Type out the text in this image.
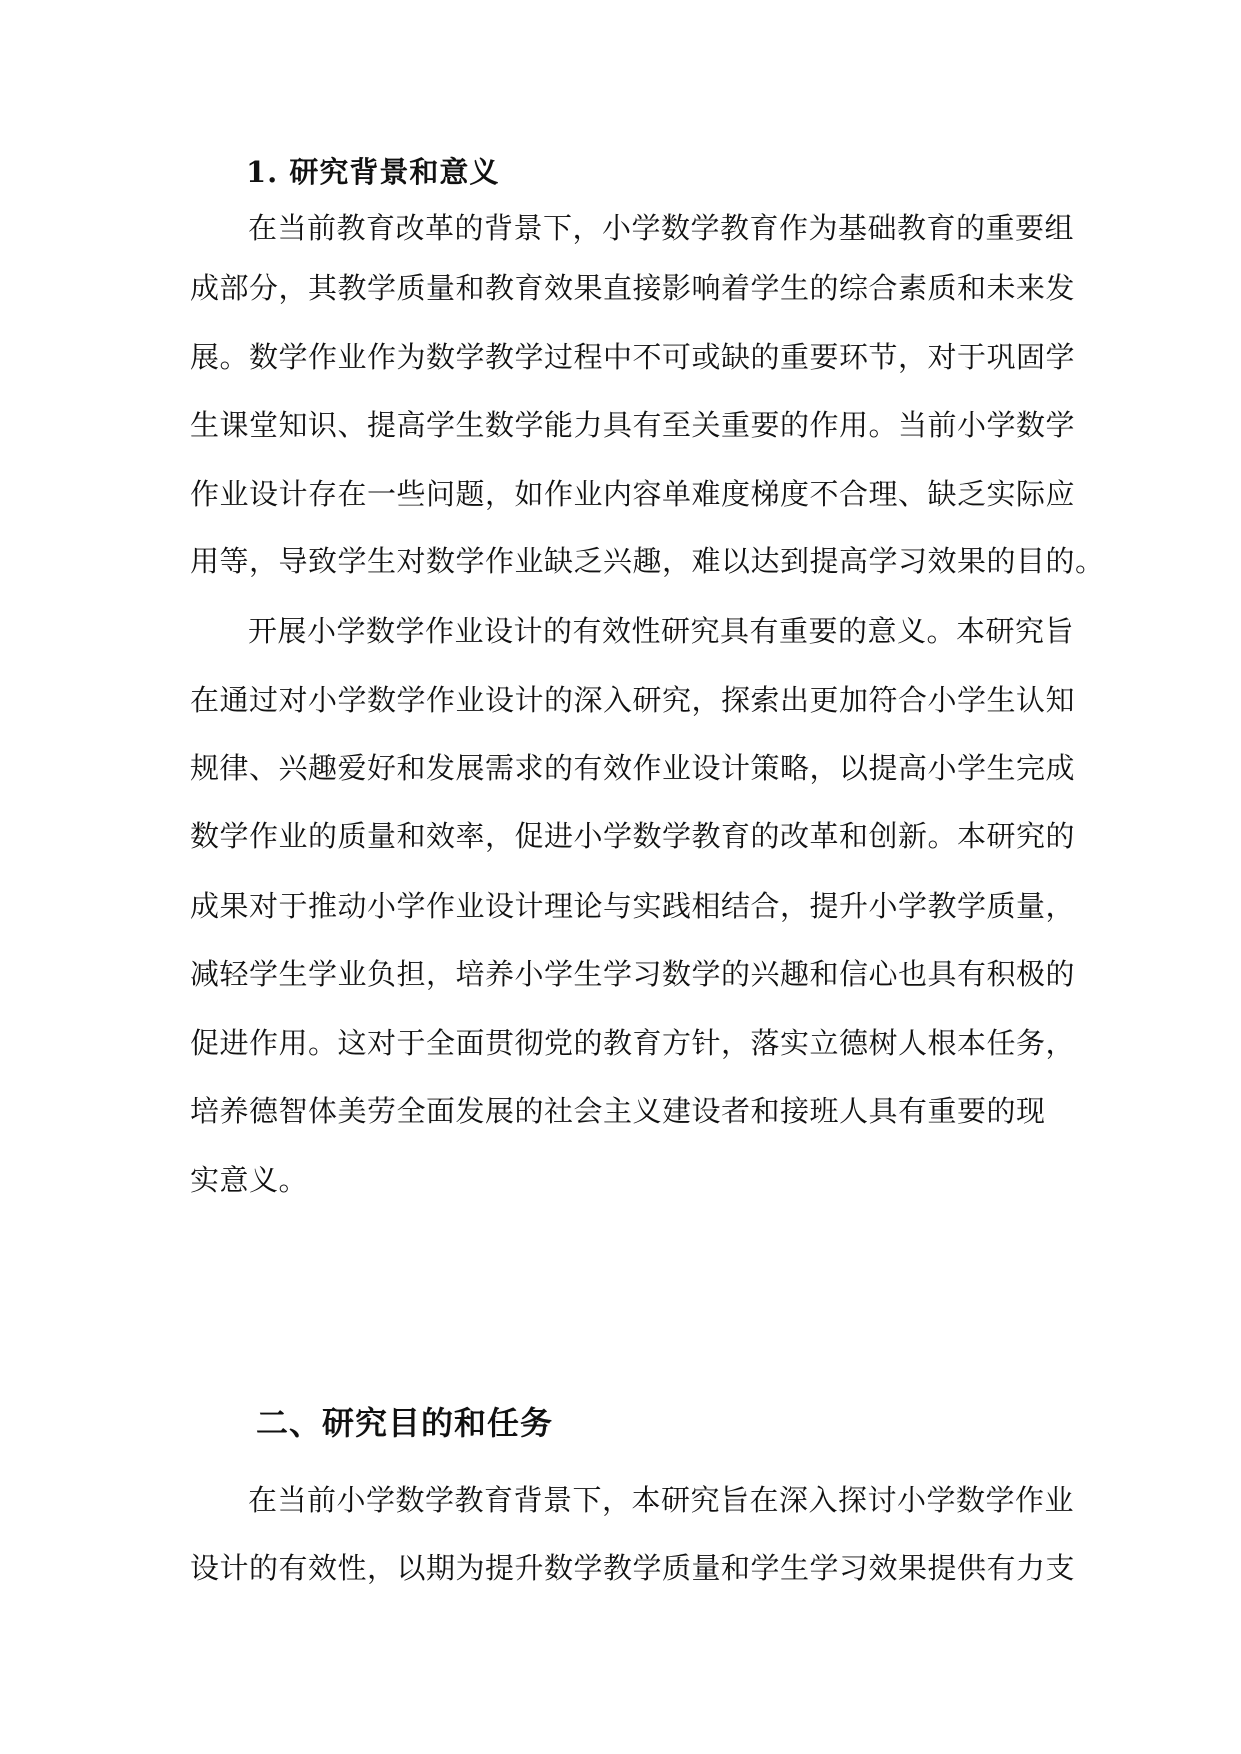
1. 研究背景和意义
在当前教育改革的背景下，小学数学教育作为基础教育的重要组
成部分，其教学质量和教育效果直接影响着学生的综合素质和未来发
展。数学作业作为数学教学过程中不可或缺的重要环节，对于巩固学
生课堂知识、提高学生数学能力具有至关重要的作用。当前小学数学
作业设计存在一些问题，如作业内容单难度梯度不合理、缺乏实际应
用等，导致学生对数学作业缺乏兴趣，难以达到提高学习效果的目的。
开展小学数学作业设计的有效性研究具有重要的意义。本研究旨
在通过对小学数学作业设计的深入研究，探索出更加符合小学生认知
规律、兴趣爱好和发展需求的有效作业设计策略，以提高小学生完成
数学作业的质量和效率，促进小学数学教育的改革和创新。本研究的
成果对于推动小学作业设计理论与实践相结合，提升小学教学质量，
减轻学生学业负担，培养小学生学习数学的兴趣和信心也具有积极的
促进作用。这对于全面贯彻党的教育方针，落实立德树人根本任务，
培养德智体美劳全面发展的社会主义建设者和接班人具有重要的现
实意义。
二、研究目的和任务
在当前小学数学教育背景下，本研究旨在深入探讨小学数学作业
设计的有效性，以期为提升数学教学质量和学生学习效果提供有力支
